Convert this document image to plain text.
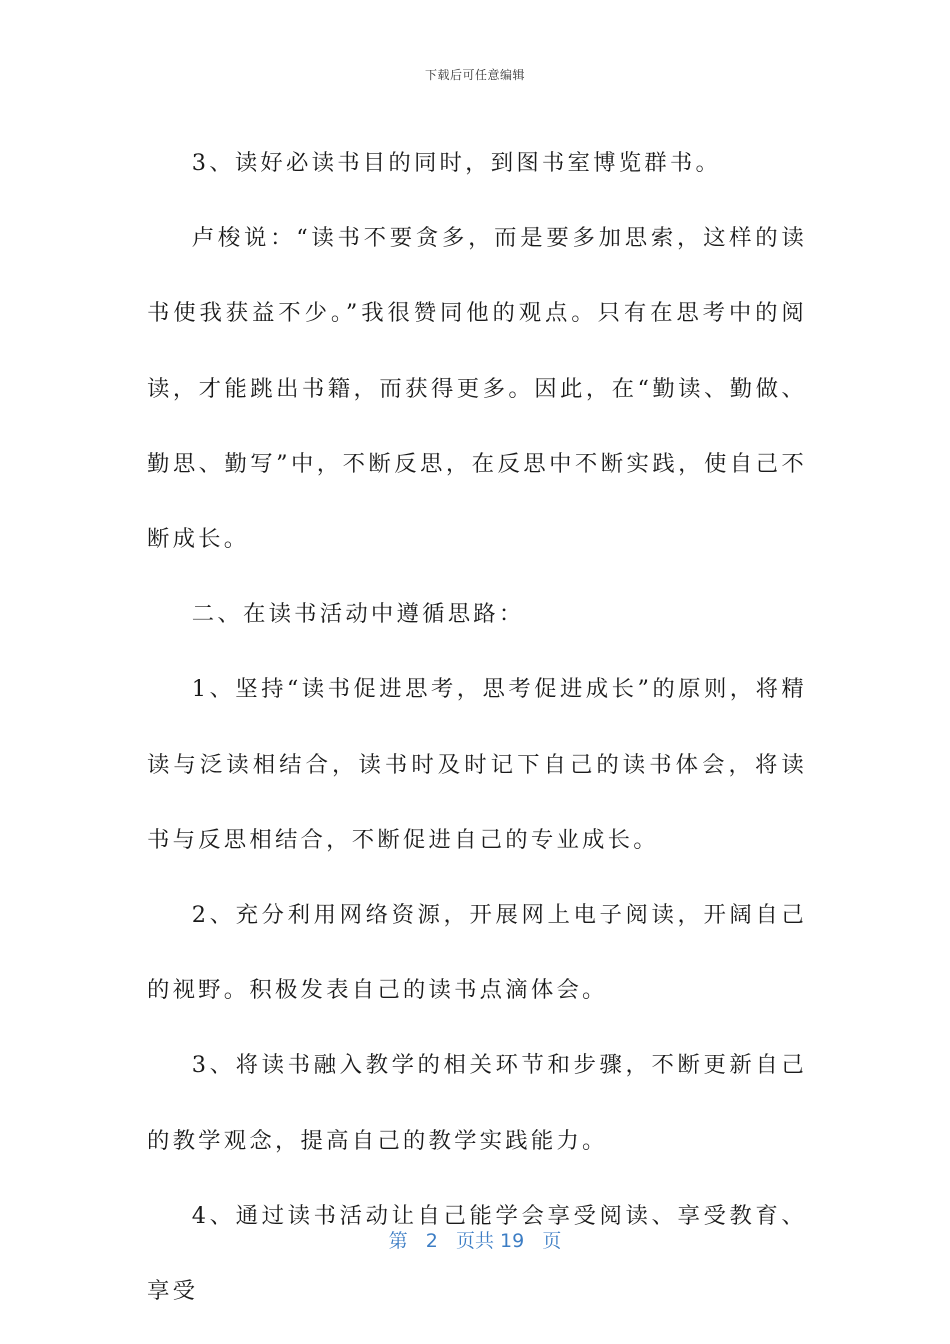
下载后可任意编辑

3、读好必读书目的同时，到图书室博览群书。

卢梭说：“读书不要贪多，而是要多加思索，这样的读书使我获益不少。”我很赞同他的观点。只有在思考中的阅读，才能跳出书籍，而获得更多。因此，在“勤读、勤做、勤思、勤写”中，不断反思，在反思中不断实践，使自己不断成长。

二、在读书活动中遵循思路：

1、坚持“读书促进思考，思考促进成长”的原则，将精读与泛读相结合，读书时及时记下自己的读书体会，将读书与反思相结合，不断促进自己的专业成长。

2、充分利用网络资源，开展网上电子阅读，开阔自己的视野。积极发表自己的读书点滴体会。

3、将读书融入教学的相关环节和步骤，不断更新自己的教学观念，提高自己的教学实践能力。

4、通过读书活动让自己能学会享受阅读、享受教育、享受

第 2 页共 19 页
